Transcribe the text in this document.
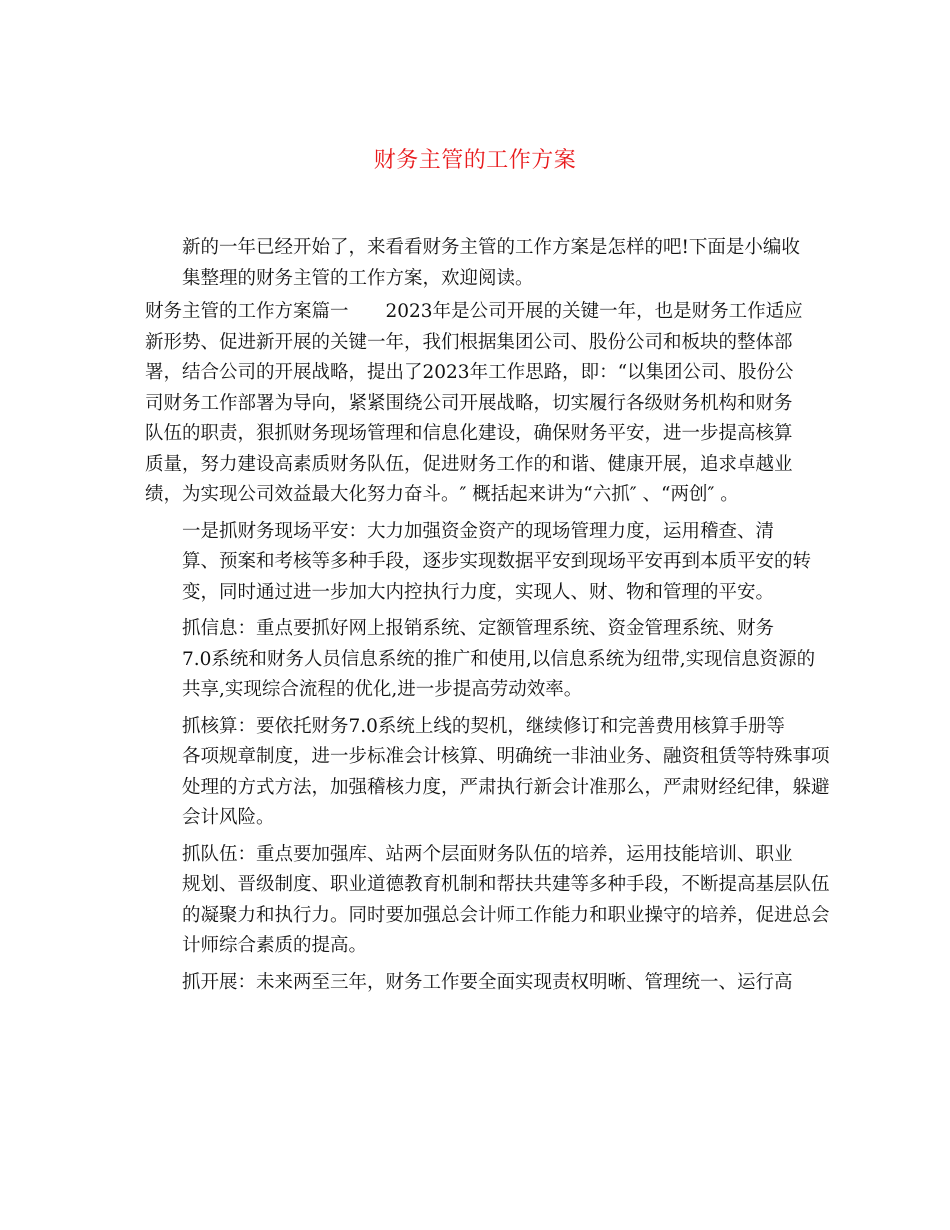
财务主管的工作方案

新的一年已经开始了，来看看财务主管的工作方案是怎样的吧!下面是小编收
集整理的财务主管的工作方案，欢迎阅读。

财务主管的工作方案篇一　　2023年是公司开展的关键一年，也是财务工作适应
新形势、促进新开展的关键一年，我们根据集团公司、股份公司和板块的整体部
署，结合公司的开展战略，提出了2023年工作思路，即：“以集团公司、股份公
司财务工作部署为导向，紧紧围绕公司开展战略，切实履行各级财务机构和财务
队伍的职责，狠抓财务现场管理和信息化建设，确保财务平安，进一步提高核算
质量，努力建设高素质财务队伍，促进财务工作的和谐、健康开展，追求卓越业
绩，为实现公司效益最大化努力奋斗。″ 概括起来讲为“六抓″ 、“两创″ 。

一是抓财务现场平安：大力加强资金资产的现场管理力度，运用稽查、清
算、预案和考核等多种手段，逐步实现数据平安到现场平安再到本质平安的转
变，同时通过进一步加大内控执行力度，实现人、财、物和管理的平安。

抓信息：重点要抓好网上报销系统、定额管理系统、资金管理系统、财务
7.0系统和财务人员信息系统的推广和使用,以信息系统为纽带,实现信息资源的
共享,实现综合流程的优化,进一步提高劳动效率。

抓核算：要依托财务7.0系统上线的契机，继续修订和完善费用核算手册等
各项规章制度，进一步标准会计核算、明确统一非油业务、融资租赁等特殊事项
处理的方式方法，加强稽核力度，严肃执行新会计准那么，严肃财经纪律，躲避
会计风险。

抓队伍：重点要加强库、站两个层面财务队伍的培养，运用技能培训、职业
规划、晋级制度、职业道德教育机制和帮扶共建等多种手段，不断提高基层队伍
的凝聚力和执行力。同时要加强总会计师工作能力和职业操守的培养，促进总会
计师综合素质的提高。

抓开展：未来两至三年，财务工作要全面实现责权明晰、管理统一、运行高
